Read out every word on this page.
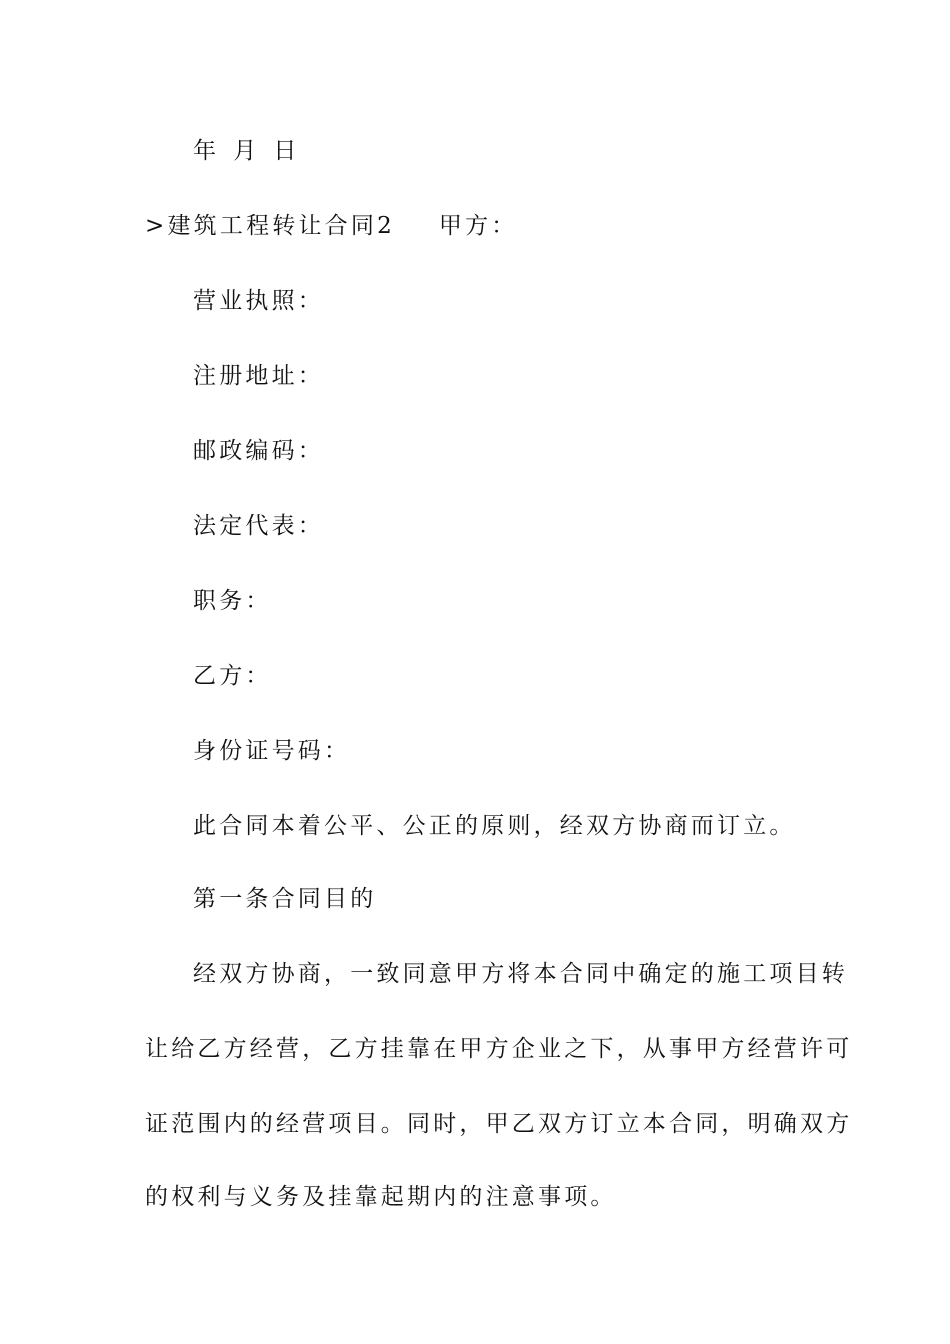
年 月 日
>建筑工程转让合同2 甲方：
营业执照：
注册地址：
邮政编码：
法定代表：
职务：
乙方：
身份证号码：
此合同本着公平、公正的原则，经双方协商而订立。
第一条合同目的
经双方协商，一致同意甲方将本合同中确定的施工项目转
让给乙方经营，乙方挂靠在甲方企业之下，从事甲方经营许可
证范围内的经营项目。同时，甲乙双方订立本合同，明确双方
的权利与义务及挂靠起期内的注意事项。
